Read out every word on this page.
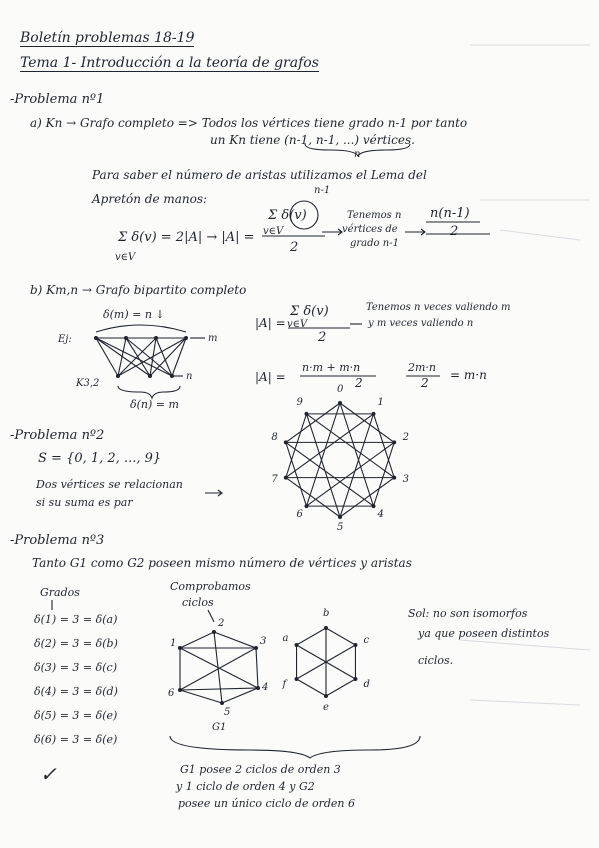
Boletín problemas 18-19
Tema 1- Introducción a la teoría de grafos
-Problema nº1
a) Kn → Grafo completo => Todos los vértices tiene grado n-1 por tanto
un Kn tiene (n-1, n-1, ...) vértices.
n
Para saber el número de aristas utilizamos el Lema del
Apretón de manos:
Σ δ(v) = 2|A| → |A| =
v∈V
n-1
Σ δ(v)
v∈V
2
Tenemos n
vértices de
grado n-1
n(n-1)
2
b) Km,n → Grafo bipartito completo
δ(m) = n ↓
Ej:	m
n
K3,2
δ(n) = m
|A| =
Σ δ(v)
v∈V
2
Tenemos n veces valiendo m
y m veces valiendo n
|A| =
n·m + m·n
2
2m·n
2
= m·n
-Problema nº2
S = {0, 1, 2, ..., 9}
Dos vértices se relacionan
si su suma es par
-Problema nº3
Tanto G1 como G2 poseen mismo número de vértices y aristas
Grados	Comprobamos
ciclos
δ(1) = 3 = δ(a)
δ(2) = 3 = δ(b)
δ(3) = 3 = δ(c)
δ(4) = 3 = δ(d)
δ(5) = 3 = δ(e)
δ(6) = 3 = δ(e)
Sol: no son isomorfos
ya que poseen distintos
ciclos.
✓	G1 posee 2 ciclos de orden 3
y 1 ciclo de orden 4 y G2
posee un único ciclo de orden 6
0
1
2
3
4
5
6
7
8
9
1
2
3
4
5
6
G1
b
c
d
e
f
a
